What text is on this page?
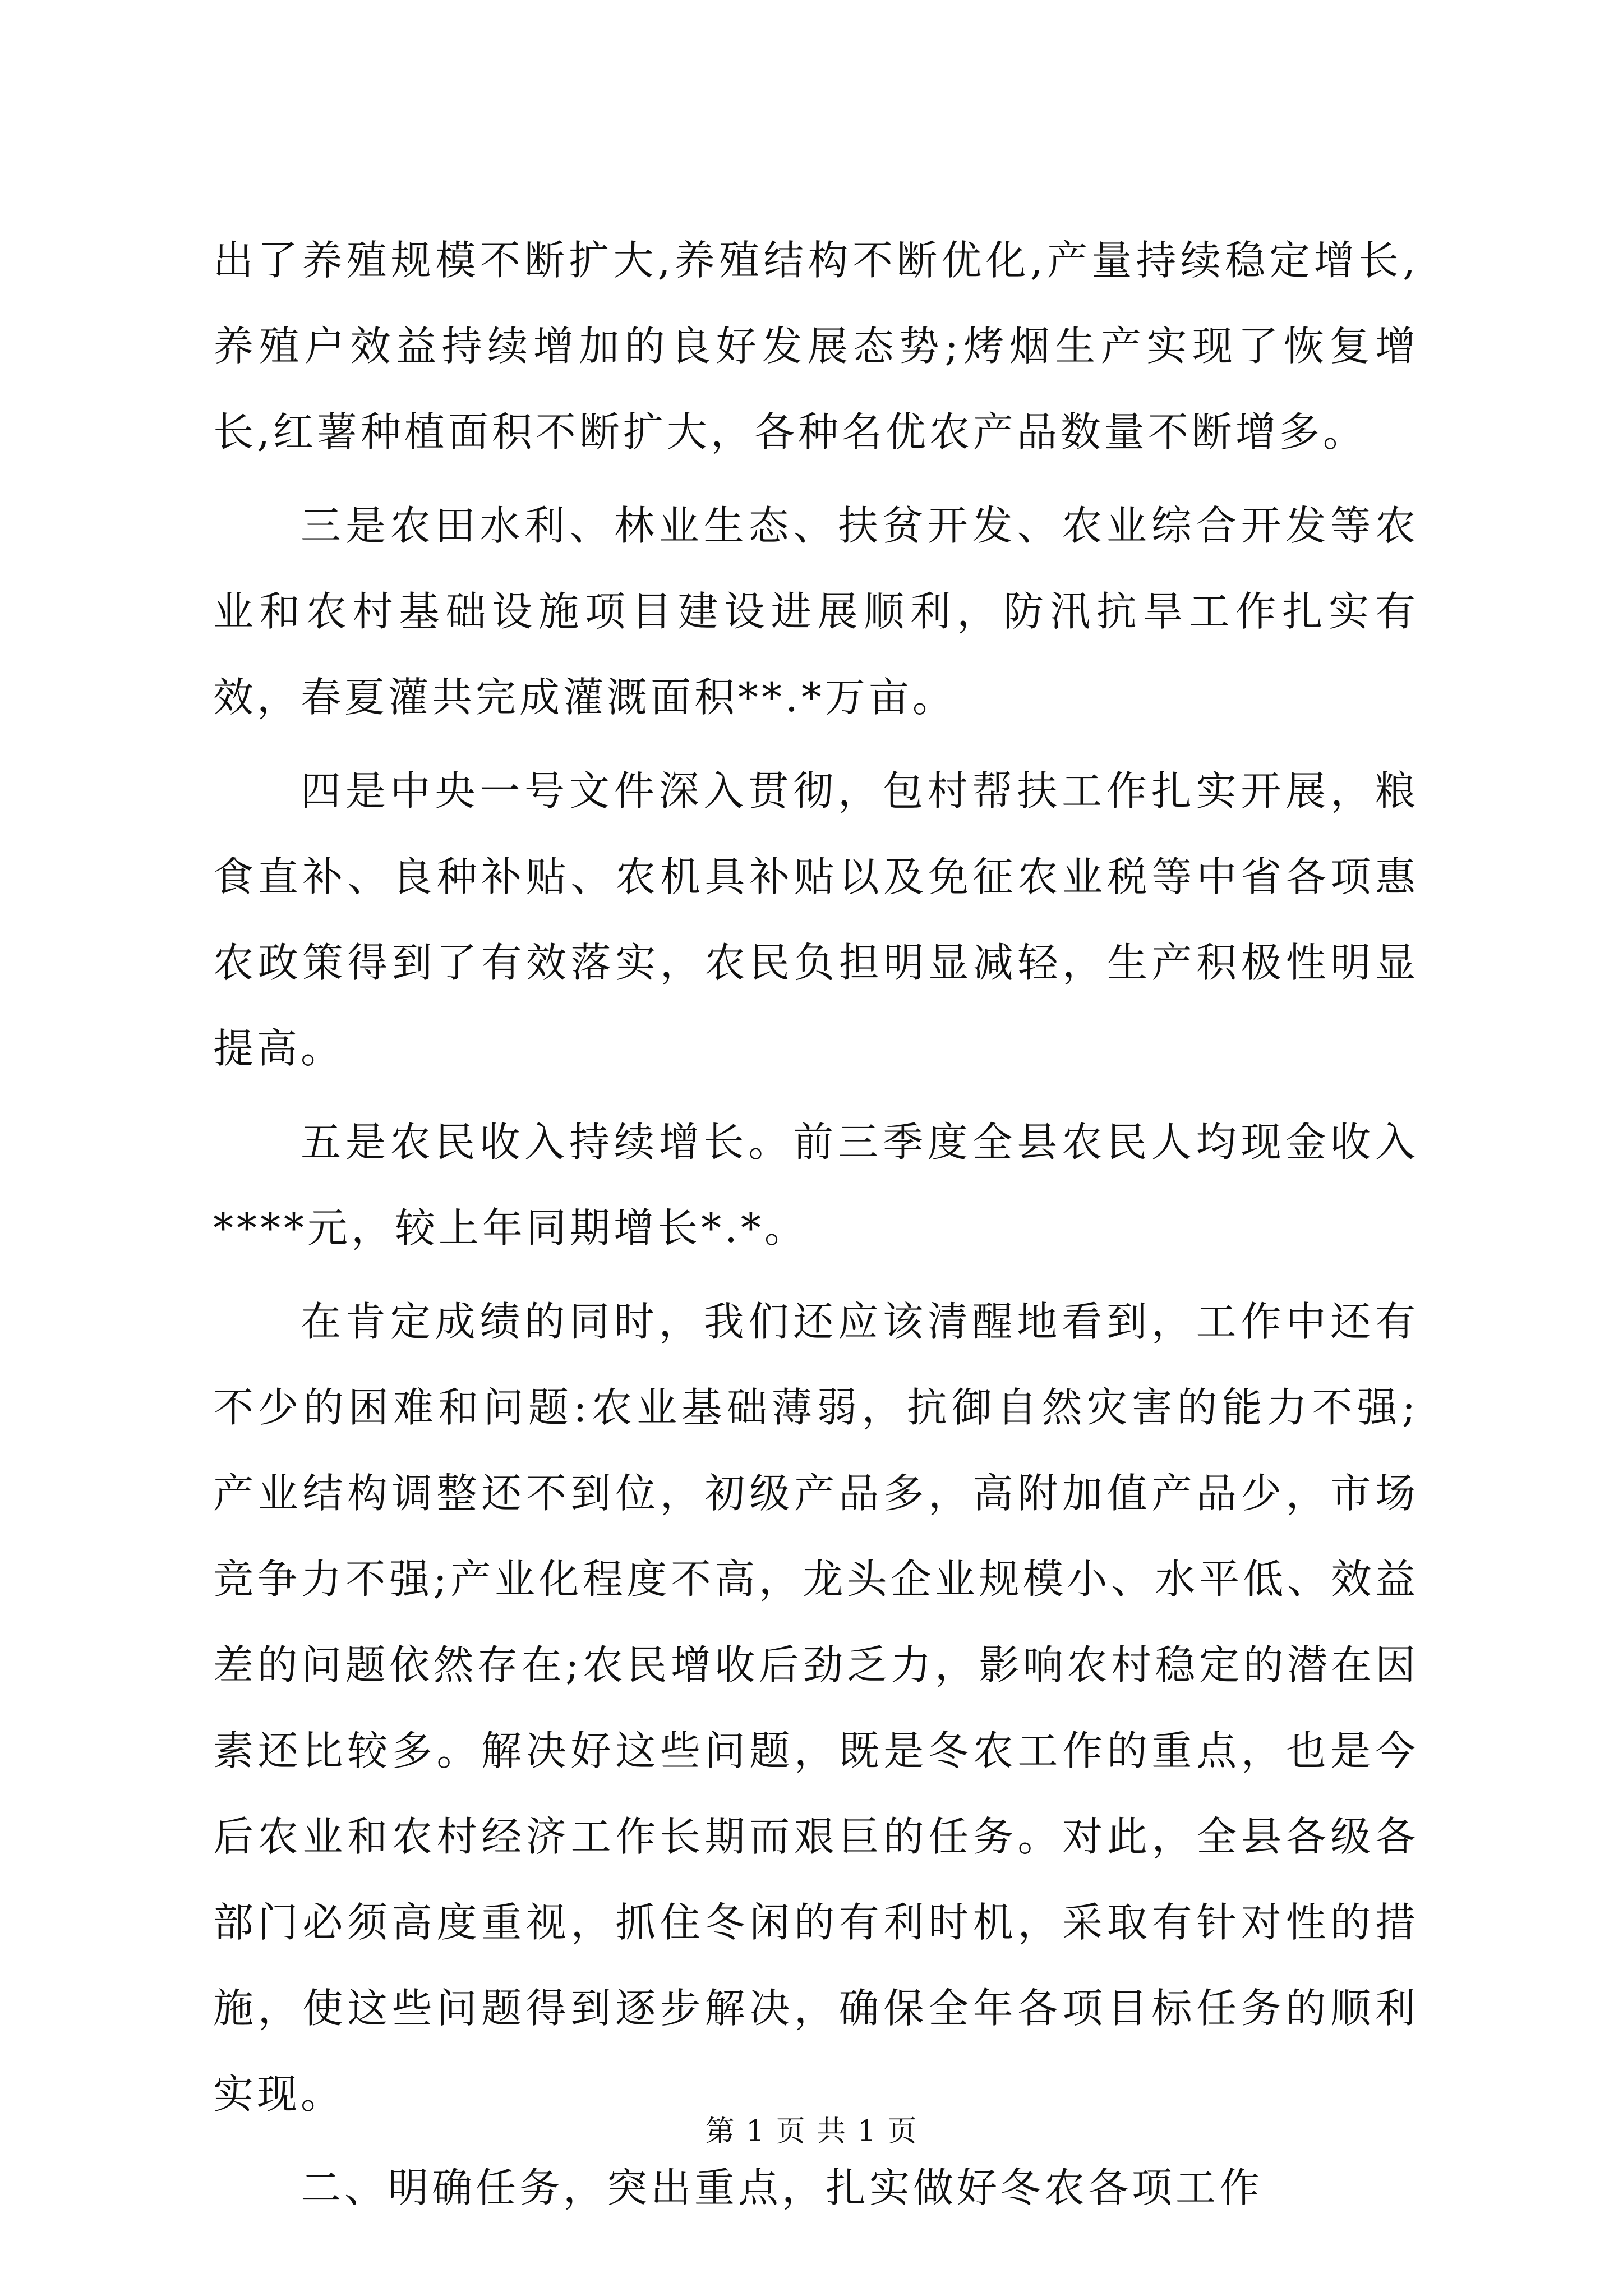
出了养殖规模不断扩大,养殖结构不断优化,产量持续稳定增长,养殖户效益持续增加的良好发展态势;烤烟生产实现了恢复增长,红薯种植面积不断扩大，各种名优农产品数量不断增多。

三是农田水利、林业生态、扶贫开发、农业综合开发等农业和农村基础设施项目建设进展顺利，防汛抗旱工作扎实有效，春夏灌共完成灌溉面积**.*万亩。

四是中央一号文件深入贯彻，包村帮扶工作扎实开展，粮食直补、良种补贴、农机具补贴以及免征农业税等中省各项惠农政策得到了有效落实，农民负担明显减轻，生产积极性明显提高。

五是农民收入持续增长。前三季度全县农民人均现金收入****元，较上年同期增长*.*。

在肯定成绩的同时，我们还应该清醒地看到，工作中还有不少的困难和问题:农业基础薄弱，抗御自然灾害的能力不强;产业结构调整还不到位，初级产品多，高附加值产品少，市场竞争力不强;产业化程度不高，龙头企业规模小、水平低、效益差的问题依然存在;农民增收后劲乏力，影响农村稳定的潜在因素还比较多。解决好这些问题，既是冬农工作的重点，也是今后农业和农村经济工作长期而艰巨的任务。对此，全县各级各部门必须高度重视，抓住冬闲的有利时机，采取有针对性的措施，使这些问题得到逐步解决，确保全年各项目标任务的顺利实现。

二、明确任务，突出重点，扎实做好冬农各项工作

第 1 页 共 1 页
